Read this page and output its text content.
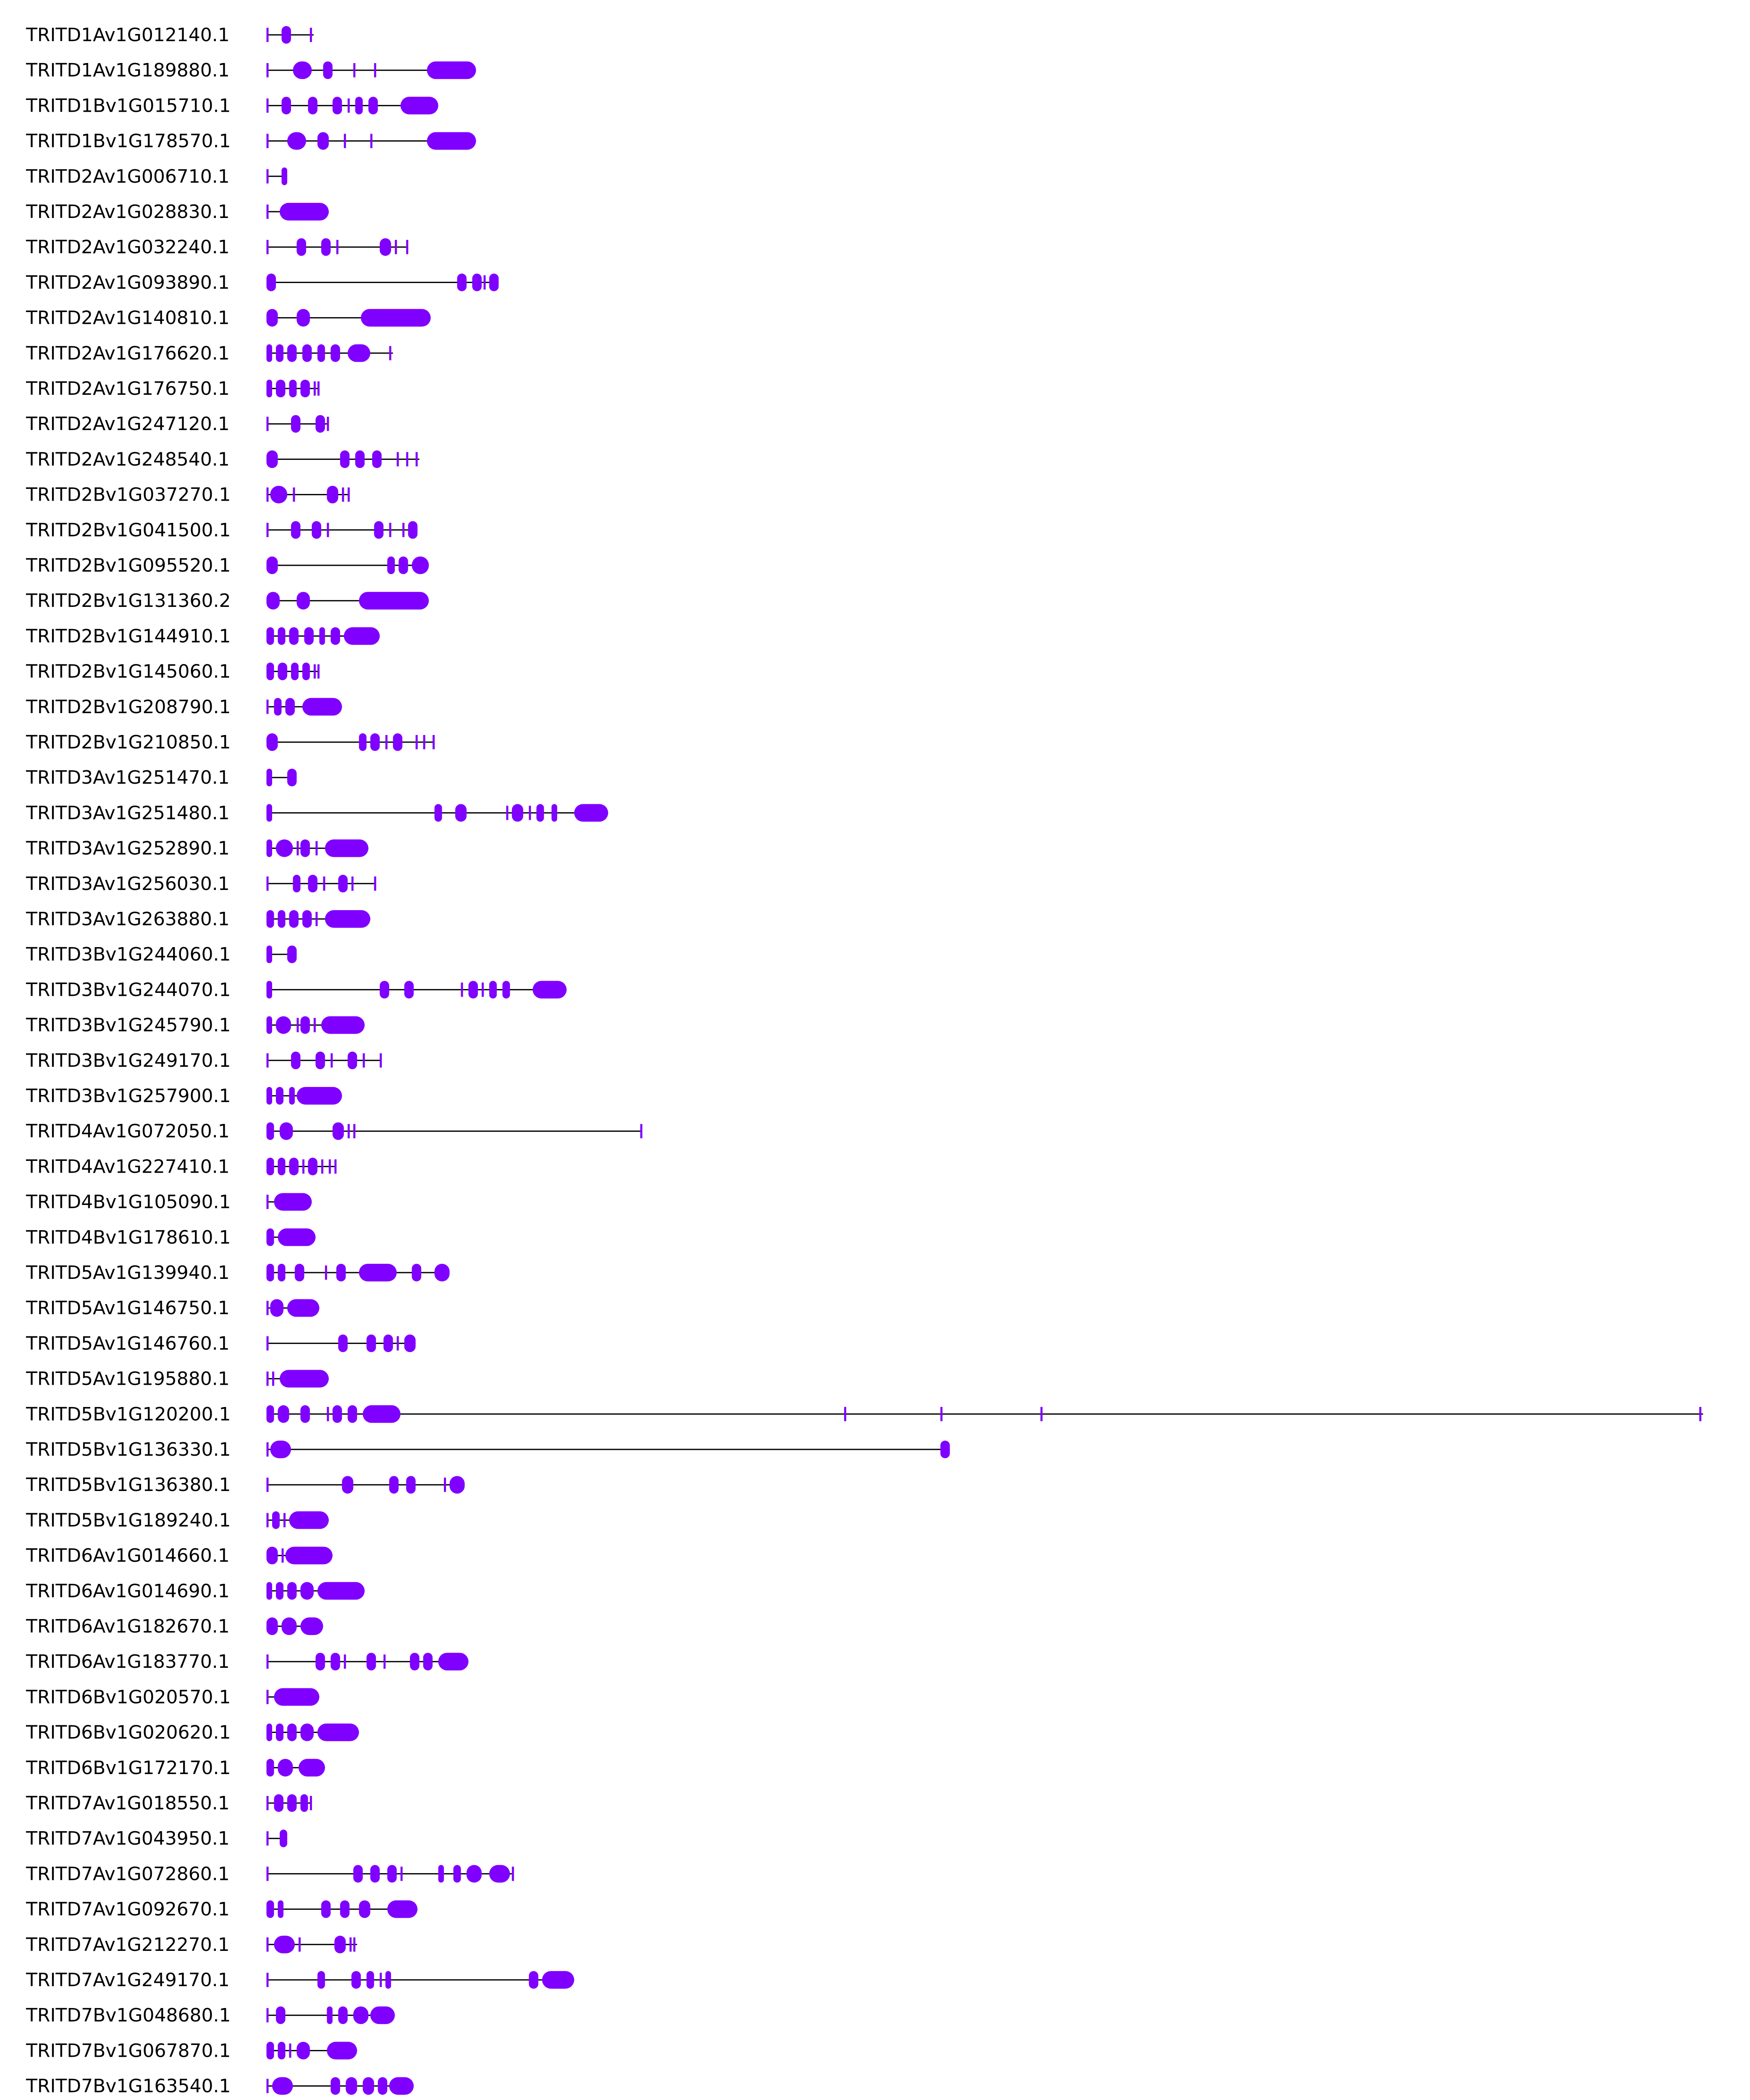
TRITD1Av1G012140.1
TRITD1Av1G189880.1
TRITD1Bv1G015710.1
TRITD1Bv1G178570.1
TRITD2Av1G006710.1
TRITD2Av1G028830.1
TRITD2Av1G032240.1
TRITD2Av1G093890.1
TRITD2Av1G140810.1
TRITD2Av1G176620.1
TRITD2Av1G176750.1
TRITD2Av1G247120.1
TRITD2Av1G248540.1
TRITD2Bv1G037270.1
TRITD2Bv1G041500.1
TRITD2Bv1G095520.1
TRITD2Bv1G131360.2
TRITD2Bv1G144910.1
TRITD2Bv1G145060.1
TRITD2Bv1G208790.1
TRITD2Bv1G210850.1
TRITD3Av1G251470.1
TRITD3Av1G251480.1
TRITD3Av1G252890.1
TRITD3Av1G256030.1
TRITD3Av1G263880.1
TRITD3Bv1G244060.1
TRITD3Bv1G244070.1
TRITD3Bv1G245790.1
TRITD3Bv1G249170.1
TRITD3Bv1G257900.1
TRITD4Av1G072050.1
TRITD4Av1G227410.1
TRITD4Bv1G105090.1
TRITD4Bv1G178610.1
TRITD5Av1G139940.1
TRITD5Av1G146750.1
TRITD5Av1G146760.1
TRITD5Av1G195880.1
TRITD5Bv1G120200.1
TRITD5Bv1G136330.1
TRITD5Bv1G136380.1
TRITD5Bv1G189240.1
TRITD6Av1G014660.1
TRITD6Av1G014690.1
TRITD6Av1G182670.1
TRITD6Av1G183770.1
TRITD6Bv1G020570.1
TRITD6Bv1G020620.1
TRITD6Bv1G172170.1
TRITD7Av1G018550.1
TRITD7Av1G043950.1
TRITD7Av1G072860.1
TRITD7Av1G092670.1
TRITD7Av1G212270.1
TRITD7Av1G249170.1
TRITD7Bv1G048680.1
TRITD7Bv1G067870.1
TRITD7Bv1G163540.1
